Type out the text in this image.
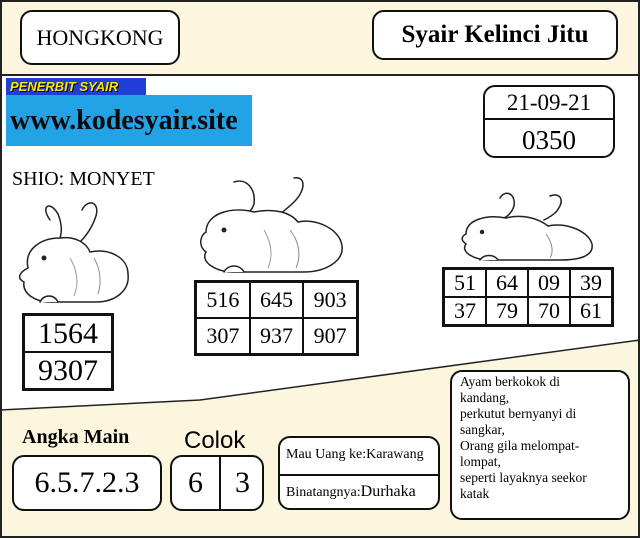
HONGKONG	Syair Kelinci Jitu
PENERBIT SYAIR
www.kodesyair.site
21-09-21
0350
SHIO: MONYET
1564
9307
516 645 903
307 937 907
51 64 09 39
37 79 70 61
Angka Main
6.5.7.2.3
Colok
6	3
Mau Uang ke:Karawang
Binatangnya:Durhaka
Ayam berkokok di
kandang,
perkutut bernyanyi di
sangkar,
Orang gila melompat-
lompat,
seperti layaknya seekor
katak
